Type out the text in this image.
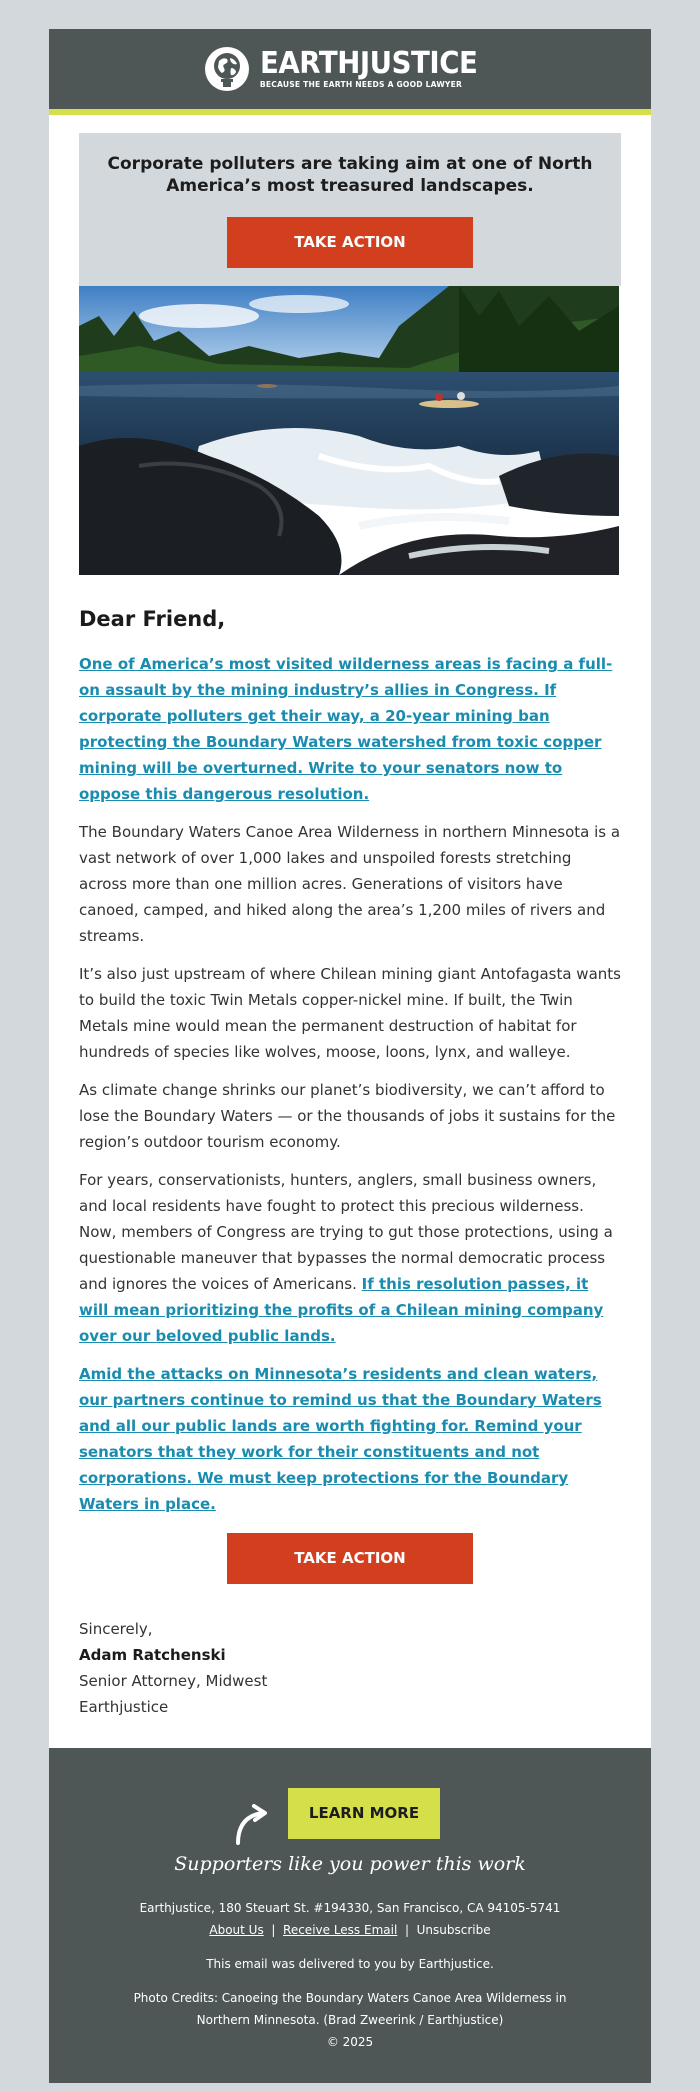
EARTHJUSTICE
BECAUSE THE EARTH NEEDS A GOOD LAWYER
Corporate polluters are taking aim at one of North America’s most treasured landscapes.
TAKE ACTION
Dear Friend,

One of America’s most visited wilderness areas is facing a full-on assault by the mining industry’s allies in Congress. If corporate polluters get their way, a 20-year mining ban protecting the Boundary Waters watershed from toxic copper mining will be overturned. Write to your senators now to oppose this dangerous resolution.

The Boundary Waters Canoe Area Wilderness in northern Minnesota is a vast network of over 1,000 lakes and unspoiled forests stretching across more than one million acres. Generations of visitors have canoed, camped, and hiked along the area’s 1,200 miles of rivers and streams.

It’s also just upstream of where Chilean mining giant Antofagasta wants to build the toxic Twin Metals copper-nickel mine. If built, the Twin Metals mine would mean the permanent destruction of habitat for hundreds of species like wolves, moose, loons, lynx, and walleye.

As climate change shrinks our planet’s biodiversity, we can’t afford to lose the Boundary Waters — or the thousands of jobs it sustains for the region’s outdoor tourism economy.

For years, conservationists, hunters, anglers, small business owners, and local residents have fought to protect this precious wilderness. Now, members of Congress are trying to gut those protections, using a questionable maneuver that bypasses the normal democratic process and ignores the voices of Americans. If this resolution passes, it will mean prioritizing the profits of a Chilean mining company over our beloved public lands.

Amid the attacks on Minnesota’s residents and clean waters, our partners continue to remind us that the Boundary Waters and all our public lands are worth fighting for. Remind your senators that they work for their constituents and not corporations. We must keep protections for the Boundary Waters in place.

TAKE ACTION
Sincerely,
Adam Ratchenski
Senior Attorney, Midwest
Earthjustice
LEARN MORE
Supporters like you power this work
Earthjustice, 180 Steuart St. #194330, San Francisco, CA 94105-5741
About Us | Receive Less Email | Unsubscribe
This email was delivered to you by Earthjustice.
Photo Credits: Canoeing the Boundary Waters Canoe Area Wilderness in Northern Minnesota. (Brad Zweerink / Earthjustice)
© 2025
